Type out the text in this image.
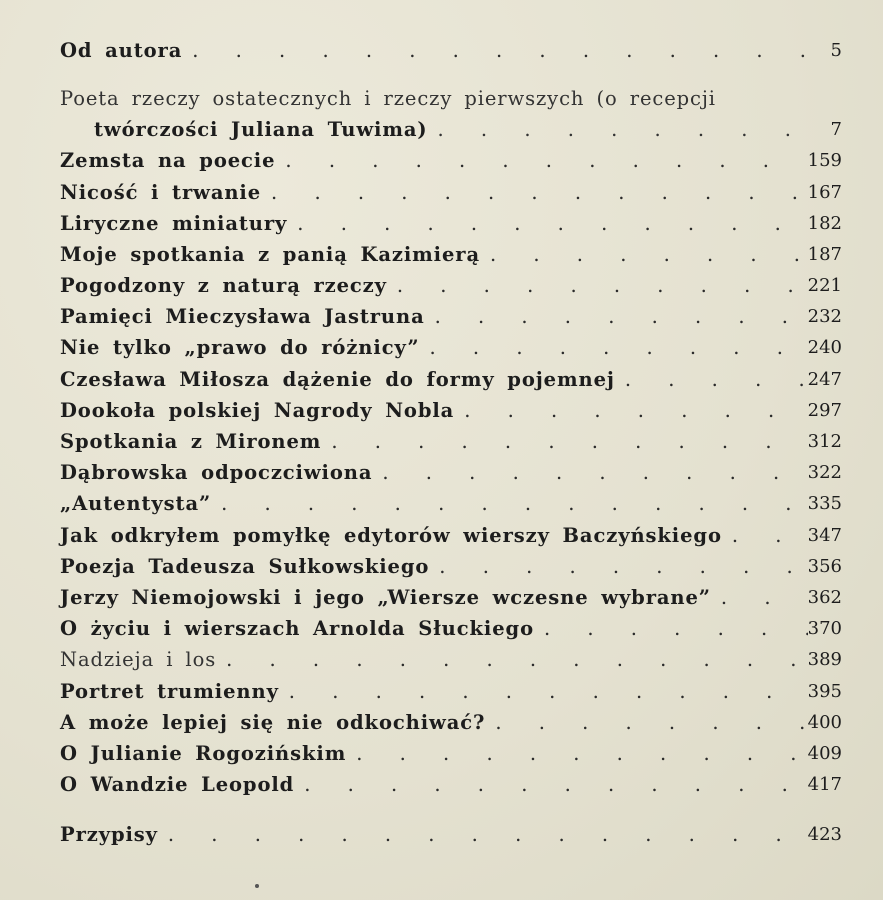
Od autora . . .	5
Poeta rzeczy ostatecznych i rzeczy pierwszych (o recepcji
twórczości Juliana Tuwima) . . .	7
Zemsta na poecie . . .	159
Nicość i trwanie . . .	167
Liryczne miniatury . . .	182
Moje spotkania z panią Kazimierą . . .	187
Pogodzony z naturą rzeczy . . .	221
Pamięci Mieczysława Jastruna . . .	232
Nie tylko „prawo do różnicy” . . .	240
Czesława Miłosza dążenie do formy pojemnej . . .	247
Dookoła polskiej Nagrody Nobla . . .	297
Spotkania z Mironem . . .	312
Dąbrowska odpoczciwiona . . .	322
„Autentysta” . . .	335
Jak odkryłem pomyłkę edytorów wierszy Baczyńskiego . . .	347
Poezja Tadeusza Sułkowskiego . . .	356
Jerzy Niemojowski i jego „Wiersze wczesne wybrane” . . .	362
O życiu i wierszach Arnolda Słuckiego . . .	370
Nadzieja i los . . .	389
Portret trumienny . . .	395
A może lepiej się nie odkochiwać? . . .	400
O Julianie Rogozińskim . . .	409
O Wandzie Leopold . . .	417
Przypisy . . .	423
